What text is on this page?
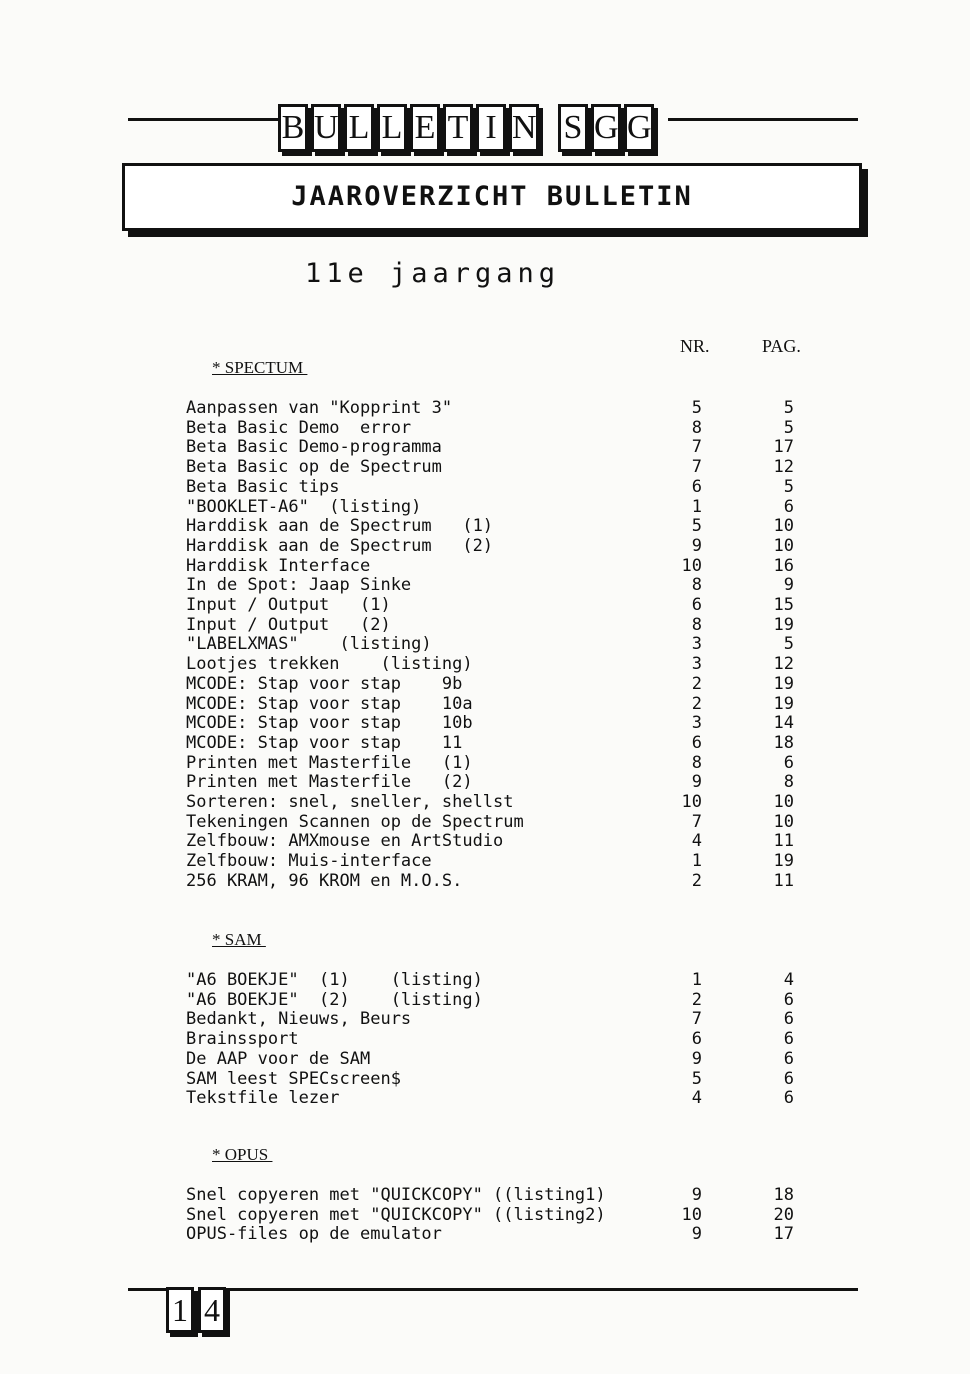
B U L L E T I N S G G
JAAROVERZICHT BULLETIN
11e jaargang
NR.	PAG.
* SPECTUM
Aanpassen van "Kopprint 3"	5	5
Beta Basic Demo  error	8	5
Beta Basic Demo-programma	7	17
Beta Basic op de Spectrum	7	12
Beta Basic tips	6	5
"BOOKLET-A6"  (listing)	1	6
Harddisk aan de Spectrum   (1)	5	10
Harddisk aan de Spectrum   (2)	9	10
Harddisk Interface	10	16
In de Spot: Jaap Sinke	8	9
Input / Output   (1)	6	15
Input / Output   (2)	8	19
"LABELXMAS"    (listing)	3	5
Lootjes trekken    (listing)	3	12
MCODE: Stap voor stap    9b	2	19
MCODE: Stap voor stap    10a	2	19
MCODE: Stap voor stap    10b	3	14
MCODE: Stap voor stap    11	6	18
Printen met Masterfile   (1)	8	6
Printen met Masterfile   (2)	9	8
Sorteren: snel, sneller, shellst	10	10
Tekeningen Scannen op de Spectrum	7	10
Zelfbouw: AMXmouse en ArtStudio	4	11
Zelfbouw: Muis-interface	1	19
256 KRAM, 96 KROM en M.O.S.	2	11
* SAM
"A6 BOEKJE"  (1)    (listing)	1	4
"A6 BOEKJE"  (2)    (listing)	2	6
Bedankt, Nieuws, Beurs	7	6
Brainssport	6	6
De AAP voor de SAM	9	6
SAM leest SPECscreen$	5	6
Tekstfile lezer	4	6
* OPUS
Snel copyeren met "QUICKCOPY" ((listing1)	9	18
Snel copyeren met "QUICKCOPY" ((listing2)	10	20
OPUS-files op de emulator	9	17
1 4
